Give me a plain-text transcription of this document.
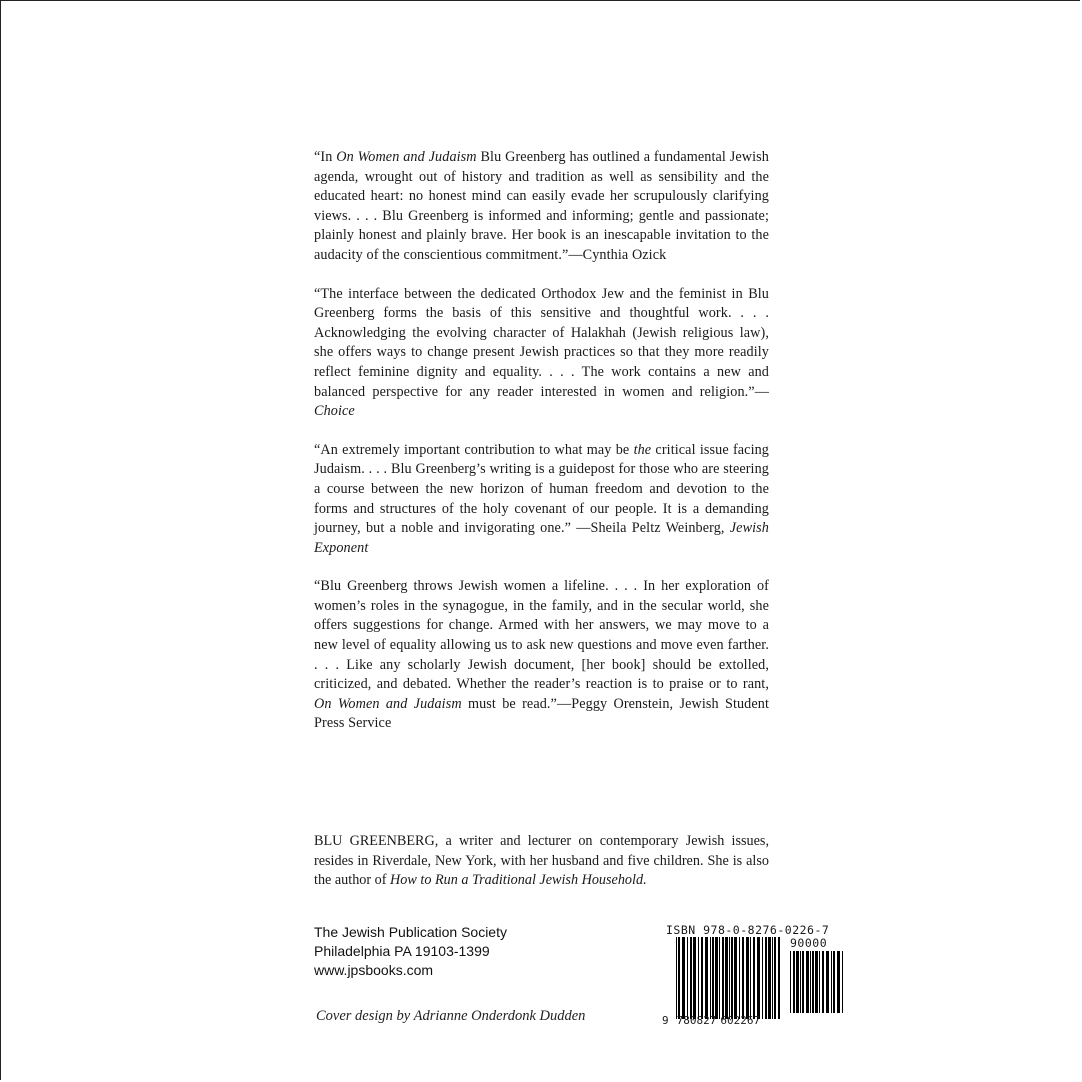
“In On Women and Judaism Blu Greenberg has outlined a fundamental Jewish agenda, wrought out of history and tradition as well as sensibility and the educated heart: no honest mind can easily evade her scrupulously clarifying views. . . . Blu Greenberg is informed and informing; gentle and passionate; plainly honest and plainly brave. Her book is an inescapable invitation to the audacity of the conscientious commitment.”—Cynthia Ozick

“The interface between the dedicated Orthodox Jew and the feminist in Blu Greenberg forms the basis of this sensitive and thoughtful work. . . . Acknowledging the evolving character of Halakhah (Jewish religious law), she offers ways to change present Jewish practices so that they more readily reflect feminine dignity and equality. . . . The work contains a new and balanced perspective for any reader interested in women and religion.”—Choice

“An extremely important contribution to what may be the critical issue facing Judaism. . . . Blu Greenberg’s writing is a guidepost for those who are steering a course between the new horizon of human freedom and devotion to the forms and structures of the holy covenant of our people. It is a demanding journey, but a noble and invigorating one.” —Sheila Peltz Weinberg, Jewish Exponent

“Blu Greenberg throws Jewish women a lifeline. . . . In her exploration of women’s roles in the synagogue, in the family, and in the secular world, she offers suggestions for change. Armed with her answers, we may move to a new level of equality allowing us to ask new questions and move even farther. . . . Like any scholarly Jewish document, [her book] should be extolled, criticized, and debated. Whether the reader’s reaction is to praise or to rant, On Women and Judaism must be read.”—Peggy Orenstein, Jewish Student Press Service

BLU GREENBERG, a writer and lecturer on contemporary Jewish issues, resides in Riverdale, New York, with her husband and five children. She is also the author of How to Run a Traditional Jewish Household.

The Jewish Publication Society
Philadelphia PA 19103-1399
www.jpsbooks.com
Cover design by Adrianne Onderdonk Dudden
ISBN 978-0-8276-0226-7
90000
9 780827 602267
